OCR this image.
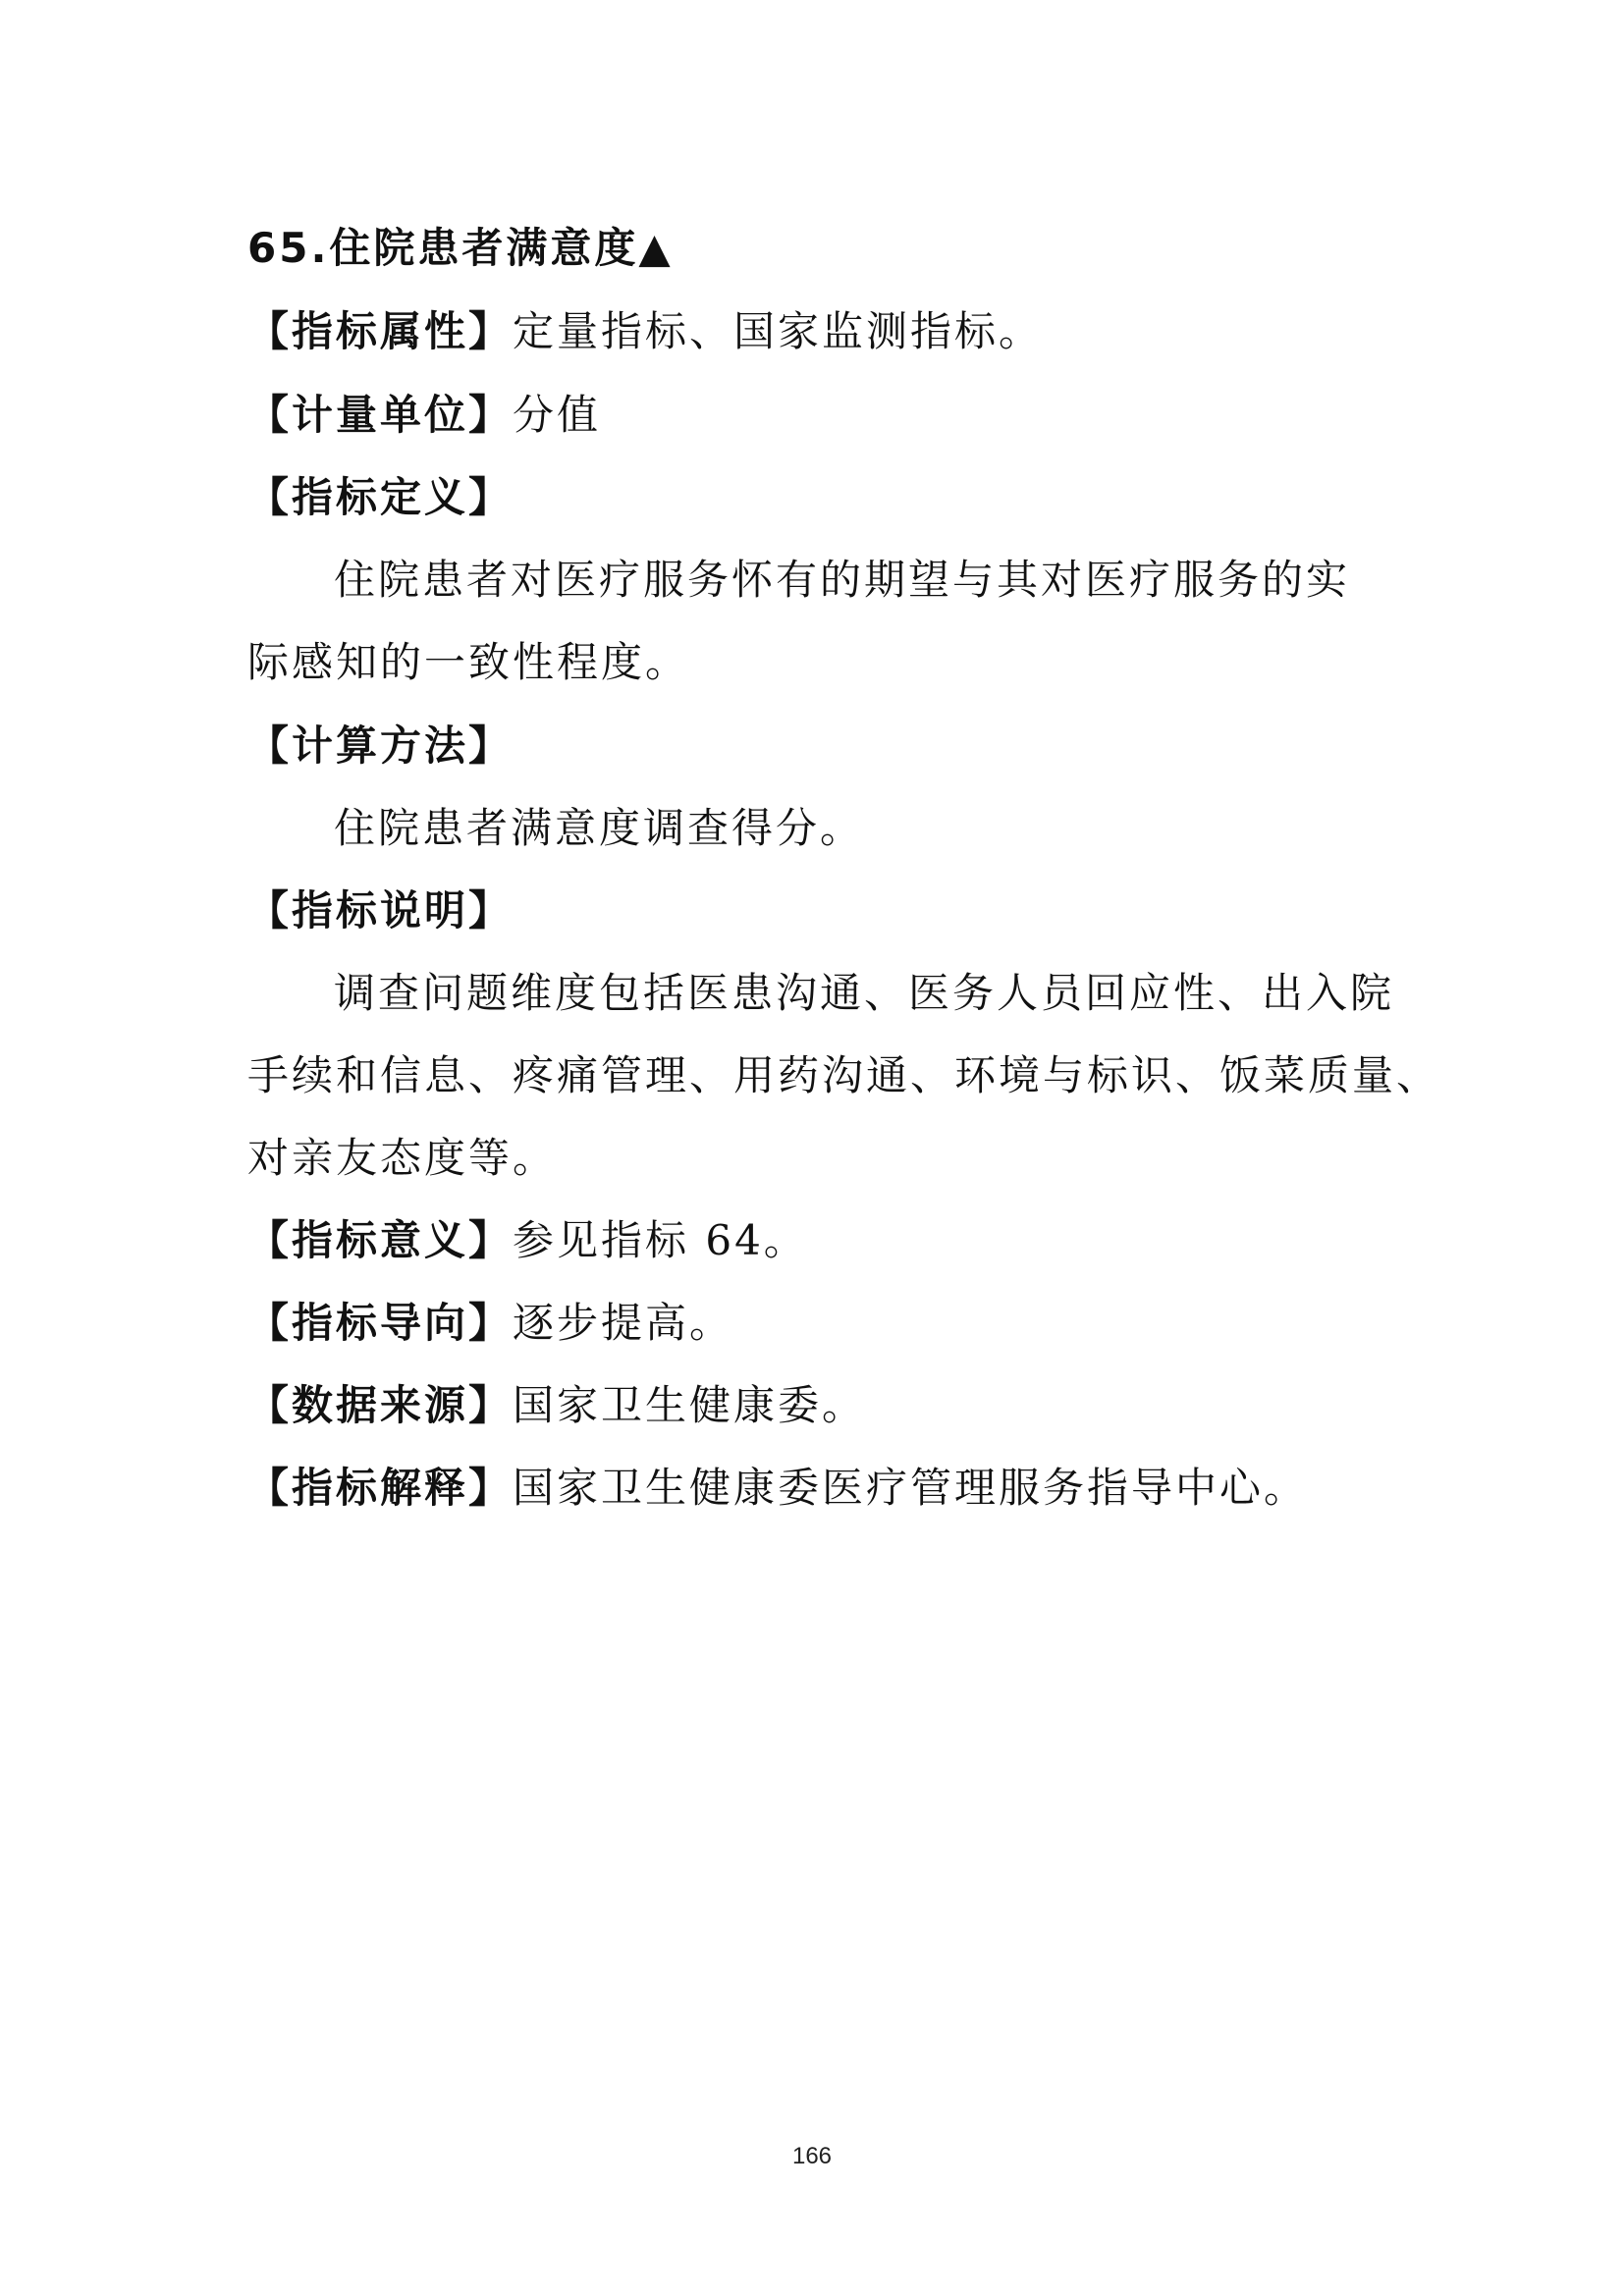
65.住院患者满意度▲
【指标属性】定量指标、国家监测指标。
【计量单位】分值
【指标定义】
住院患者对医疗服务怀有的期望与其对医疗服务的实
际感知的一致性程度。
【计算方法】
住院患者满意度调查得分。
【指标说明】
调查问题维度包括医患沟通、医务人员回应性、出入院
手续和信息、疼痛管理、用药沟通、环境与标识、饭菜质量、
对亲友态度等。
【指标意义】参见指标 64。
【指标导向】逐步提高。
【数据来源】国家卫生健康委。
【指标解释】国家卫生健康委医疗管理服务指导中心。
166
